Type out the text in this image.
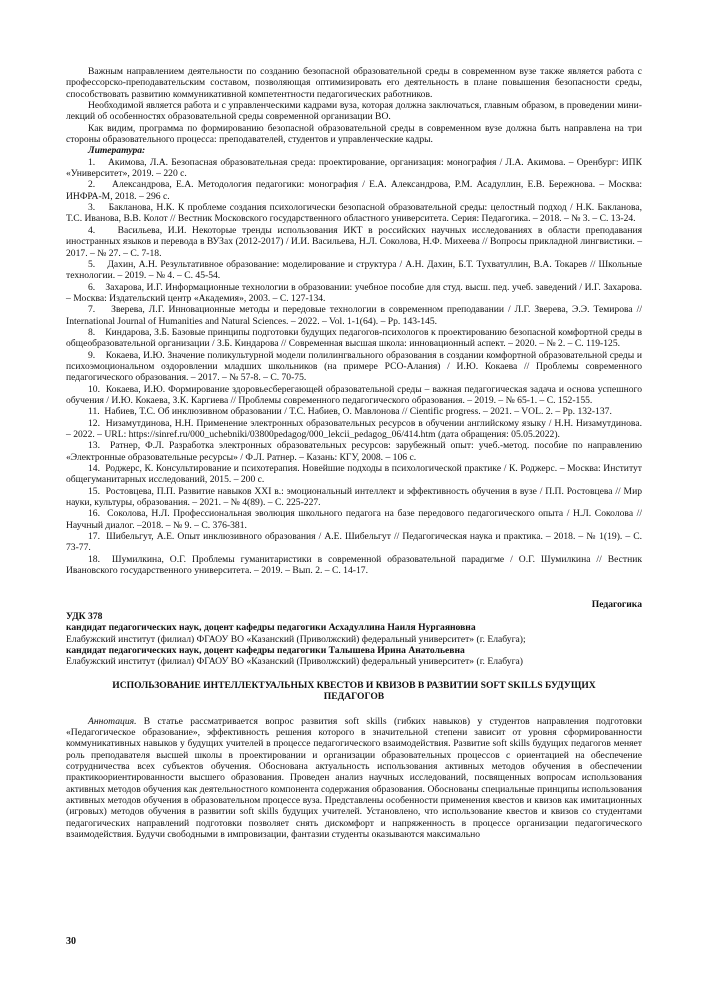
Важным направлением деятельности по созданию безопасной образовательной среды в современном вузе также является работа с профессорско-преподавательским составом, позволяющая оптимизировать его деятельность в плане повышения безопасности среды, способствовать развитию коммуникативной компетентности педагогических работников.

Необходимой является работа и с управленческими кадрами вуза, которая должна заключаться, главным образом, в проведении мини-лекций об особенностях образовательной среды современной организации ВО.

Как видим, программа по формированию безопасной образовательной среды в современном вузе должна быть направлена на три стороны образовательного процесса: преподавателей, студентов и управленческие кадры.

Литература:

1.    Акимова, Л.А. Безопасная образовательная среда: проектирование, организация: монография / Л.А. Акимова. – Оренбург: ИПК «Университет», 2019. – 220 с.

2.    Александрова, Е.А. Методология педагогики: монография / Е.А. Александрова, Р.М. Асадуллин, Е.В. Бережнова. – Москва: ИНФРА-М, 2018. – 296 с.

3.    Бакланова, Н.К. К проблеме создания психологически безопасной образовательной среды: целостный подход / Н.К. Бакланова, Т.С. Иванова, В.В. Колот // Вестник Московского государственного областного университета. Серия: Педагогика. – 2018. – № 3. – С. 13-24.

4.    Васильева, И.И. Некоторые тренды использования ИКТ в российских научных исследованиях в области преподавания иностранных языков и перевода в ВУЗах (2012-2017) / И.И. Васильева, Н.Л. Соколова, Н.Ф. Михеева // Вопросы прикладной лингвистики. – 2017. – № 27. – С. 7-18.

5.    Дахин, А.Н. Результативное образование: моделирование и структура / А.Н. Дахин, Б.Т. Тухватуллин, В.А. Токарев // Школьные технологии. – 2019. – № 4. – С. 45-54.

6.    Захарова, И.Г. Информационные технологии в образовании: учебное пособие для студ. высш. пед. учеб. заведений / И.Г. Захарова. – Москва: Издательский центр «Академия», 2003. – С. 127-134.

7.    Зверева, Л.Г. Инновационные методы и передовые технологии в современном преподавании / Л.Г. Зверева, Э.Э. Темирова // International Journal of Humanities and Natural Sciences. – 2022. – Vol. 1-1(64). – Pp. 143-145.

8.    Киндарова, З.Б. Базовые принципы подготовки будущих педагогов-психологов к проектированию безопасной комфортной среды в общеобразовательной организации / З.Б. Киндарова // Современная высшая школа: инновационный аспект. – 2020. – № 2. – С. 119-125.

9.    Кокаева, И.Ю. Значение поликультурной модели полилингвального образования в создании комфортной образовательной среды и психоэмоциональном оздоровлении младших школьников (на примере РСО-Алания) / И.Ю. Кокаева // Проблемы современного педагогического образования. – 2017. – № 57-8. – С. 70-75.

10.  Кокаева, И.Ю. Формирование здоровьесберегающей образовательной среды – важная педагогическая задача и основа успешного обучения / И.Ю. Кокаева, З.К. Каргиева // Проблемы современного педагогического образования. – 2019. – № 65-1. – С. 152-155.

11.  Набиев, Т.С. Об инклюзивном образовании / Т.С. Набиев, О. Мавлонова // Cientific progress. – 2021. – VOL. 2. – Pp. 132-137.

12.  Низамутдинова, Н.Н. Применение электронных образовательных ресурсов в обучении английскому языку / Н.Н. Низамутдинова. – 2022. – URL: https://sinref.ru/000_uchebniki/03800pedagog/000_lekcii_pedagog_06/414.htm (дата обращения: 05.05.2022).

13.  Ратнер, Ф.Л. Разработка электронных образовательных ресурсов: зарубежный опыт: учеб.-метод. пособие по направлению «Электронные образовательные ресурсы» / Ф.Л. Ратнер. – Казань: КГУ, 2008. – 106 с.

14.  Роджерс, К. Консультирование и психотерапия. Новейшие подходы в психологической практике / К. Роджерс. – Москва: Институт общегуманитарных исследований, 2015. – 200 с.

15.  Ростовцева, П.П. Развитие навыков XXI в.: эмоциональный интеллект и эффективность обучения в вузе / П.П. Ростовцева // Мир науки, культуры, образования. – 2021. – № 4(89). – С. 225-227.

16.  Соколова, Н.Л. Профессиональная эволюция школьного педагога на базе передового педагогического опыта / Н.Л. Соколова // Научный диалог. –2018. – № 9. – С. 376-381.

17.  Шибельгут, А.Е. Опыт инклюзивного образования / А.Е. Шибельгут // Педагогическая наука и практика. – 2018. – № 1(19). – С. 73-77.

18.  Шумилкина, О.Г. Проблемы гуманитаристики в современной образовательной парадигме / О.Г. Шумилкина // Вестник Ивановского государственного университета. – 2019. – Вып. 2. – С. 14-17.

Педагогика

УДК 378

кандидат педагогических наук, доцент кафедры педагогики Асхадуллина Наиля Нургаяновна

Елабужский институт (филиал) ФГАОУ ВО «Казанский (Приволжский) федеральный университет» (г. Елабуга);

кандидат педагогических наук, доцент кафедры педагогики Талышева Ирина Анатольевна

Елабужский институт (филиал) ФГАОУ ВО «Казанский (Приволжский) федеральный университет» (г. Елабуга)

ИСПОЛЬЗОВАНИЕ ИНТЕЛЛЕКТУАЛЬНЫХ КВЕСТОВ И КВИЗОВ В РАЗВИТИИ SOFT SKILLS БУДУЩИХ ПЕДАГОГОВ

Аннотация. В статье рассматривается вопрос развития soft skills (гибких навыков) у студентов направления подготовки «Педагогическое образование», эффективность решения которого в значительной степени зависит от уровня сформированности коммуникативных навыков у будущих учителей в процессе педагогического взаимодействия. Развитие soft skills будущих педагогов меняет роль преподавателя высшей школы в проектировании и организации образовательных процессов с ориентацией на обеспечение сотрудничества всех субъектов обучения. Обоснована актуальность использования активных методов обучения в обеспечении практикоориентированности высшего образования. Проведен анализ научных исследований, посвященных вопросам использования активных методов обучения как деятельностного компонента содержания образования. Обоснованы специальные принципы использования активных методов обучения в образовательном процессе вуза. Представлены особенности применения квестов и квизов как имитационных (игровых) методов обучения в развитии soft skills будущих учителей. Установлено, что использование квестов и квизов со студентами педагогических направлений подготовки позволяет снять дискомфорт и напряженность в процессе организации педагогического взаимодействия. Будучи свободными в импровизации, фантазии студенты оказываются максимально

30
